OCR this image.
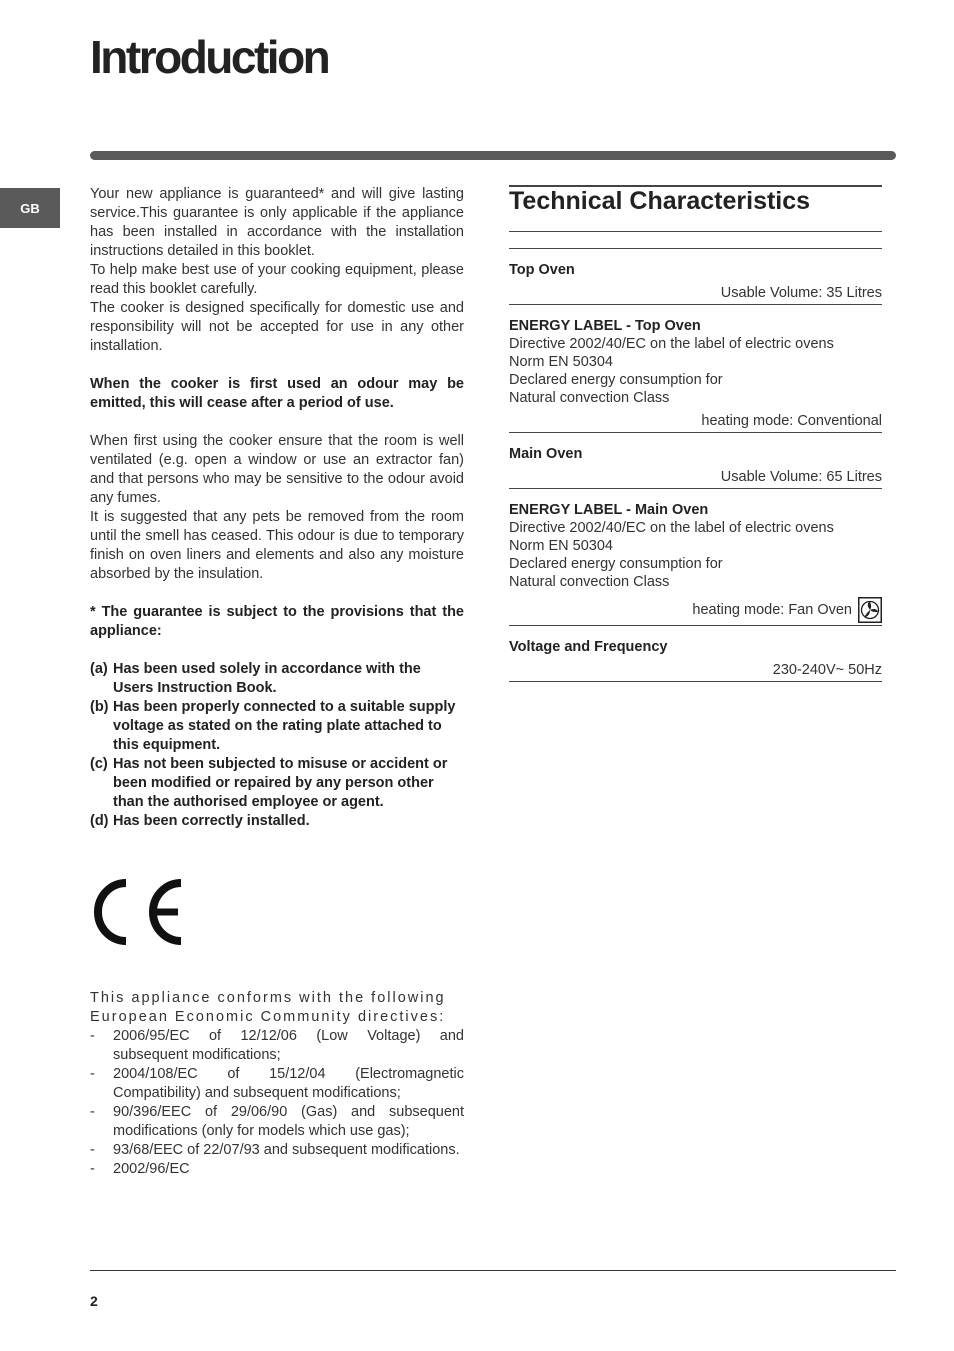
Introduction
GB

Your new appliance is guaranteed* and will give lasting service.This guarantee is only applicable if the appliance has been installed in accordance with the installation instructions detailed in this booklet.

To help make best use of your cooking equipment, please read this booklet carefully.

The cooker is designed specifically for domestic use and responsibility will not be accepted for use in any other installation.

When the cooker is first used an odour may be emitted, this will cease after a period of use.

When first using the cooker ensure that the room is well ventilated (e.g. open a window or use an extractor fan) and that persons who may be sensitive to the odour avoid any fumes.

It is suggested that any pets be removed from the room until the smell has ceased. This odour is due to temporary finish on oven liners and elements and also any moisture absorbed by the insulation.

* The guarantee is subject to the provisions that the appliance:

(a) Has been used solely in accordance with the Users Instruction Book.
(b) Has been properly connected to a suitable supply voltage as stated on the rating plate attached to this equipment.
(c) Has not been subjected to misuse or accident or been modified or repaired by any person other than the authorised employee or agent.
(d) Has been correctly installed.

This appliance conforms with the following European Economic Community directives:

-	2006/95/EC of 12/12/06 (Low Voltage) and subsequent modifications;
-	2004/108/EC of 15/12/04 (Electromagnetic Compatibility) and subsequent modifications;
-	90/396/EEC of 29/06/90 (Gas) and subsequent modifications (only for models which use gas);
-	93/68/EEC of 22/07/93 and subsequent modifications.
-	2002/96/EC
Technical Characteristics
Top Oven
Usable Volume: 35 Litres
ENERGY LABEL - Top Oven
Directive 2002/40/EC on the label of electric ovens
Norm EN 50304
Declared energy consumption for
Natural convection Class
heating mode: Conventional
Main Oven
Usable Volume: 65 Litres
ENERGY LABEL - Main Oven
Directive 2002/40/EC on the label of electric ovens
Norm EN 50304
Declared energy consumption for
Natural convection Class
heating mode: Fan Oven
Voltage and Frequency
230-240V~ 50Hz
2
